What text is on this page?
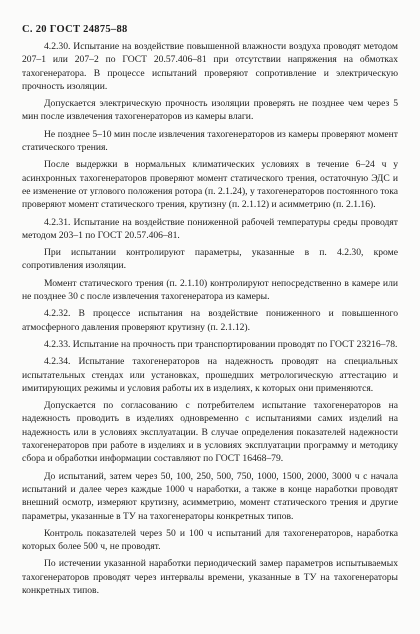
С. 20 ГОСТ 24875–88

4.2.30. Испытание на воздействие повышенной влажности воздуха проводят методом 207–1 или 207–2 по ГОСТ 20.57.406–81 при отсутствии напряжения на обмотках тахогенератора. В процессе испытаний проверяют сопротивление и электрическую прочность изоляции.

Допускается электрическую прочность изоляции проверять не позднее чем через 5 мин после извлечения тахогенераторов из камеры влаги.

Не позднее 5–10 мин после извлечения тахогенераторов из камеры проверяют момент статического трения.

После выдержки в нормальных климатических условиях в течение 6–24 ч у асинхронных тахогенераторов проверяют момент статического трения, остаточную ЭДС и ее изменение от углового положения ротора (п. 2.1.24), у тахогенераторов постоянного тока проверяют момент статического трения, крутизну (п. 2.1.12) и асимметрию (п. 2.1.16).

4.2.31. Испытание на воздействие пониженной рабочей температуры среды проводят методом 203–1 по ГОСТ 20.57.406–81.

При испытании контролируют параметры, указанные в п. 4.2.30, кроме сопротивления изоляции.

Момент статического трения (п. 2.1.10) контролируют непосредственно в камере или не позднее 30 с после извлечения тахогенератора из камеры.

4.2.32. В процессе испытания на воздействие пониженного и повышенного атмосферного давления проверяют крутизну (п. 2.1.12).

4.2.33. Испытание на прочность при транспортировании проводят по ГОСТ 23216–78.

4.2.34. Испытание тахогенераторов на надежность проводят на специальных испытательных стендах или установках, прошедших метрологическую аттестацию и имитирующих режимы и условия работы их в изделиях, к которых они применяются.

Допускается по согласованию с потребителем испытание тахогенераторов на надежность проводить в изделиях одновременно с испытаниями самих изделий на надежность или в условиях эксплуатации. В случае определения показателей надежности тахогенераторов при работе в изделиях и в условиях эксплуатации программу и методику сбора и обработки информации составляют по ГОСТ 16468–79.

До испытаний, затем через 50, 100, 250, 500, 750, 1000, 1500, 2000, 3000 ч с начала испытаний и далее через каждые 1000 ч наработки, а также в конце наработки проводят внешний осмотр, измеряют крутизну, асимметрию, момент статического трения и другие параметры, указанные в ТУ на тахогенераторы конкретных типов.

Контроль показателей через 50 и 100 ч испытаний для тахогенераторов, наработка которых более 500 ч, не проводят.

По истечении указанной наработки периодический замер параметров испытываемых тахогенераторов проводят через интервалы времени, указанные в ТУ на тахогенераторы конкретных типов.
